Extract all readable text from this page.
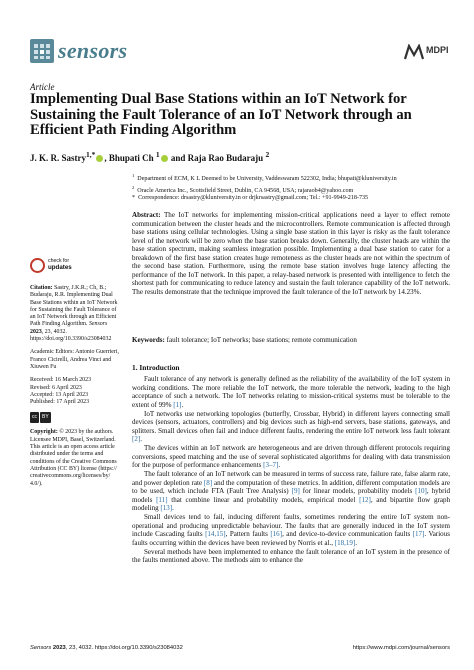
sensors	MDPI
Article
Implementing Dual Base Stations within an IoT Network for Sustaining the Fault Tolerance of an IoT Network through an Efficient Path Finding Algorithm
J. K. R. Sastry$^{1,*}$ , Bhupati Ch $^1$ and Raja Rao Budaraju $^2$
$^1$  Department of ECM, K L Deemed to be University, Vaddeswaram 522302, India; bhupati@kluniversity.in
$^2$  Oracle America Inc., Scottsfield Street, Dublin, CA 94568, USA; rajaraob4@yahoo.com
* Correspondence: drsastry@kluniversity.in or drjkrsastry@gmail.com; Tel.: +91-9949-218-735
Abstract: The IoT networks for implementing mission-critical applications need a layer to effect remote communication between the cluster heads and the microcontrollers. Remote communication is affected through base stations using cellular technologies. Using a single base station in this layer is risky as the fault tolerance level of the network will be zero when the base station breaks down. Generally, the cluster heads are within the base station spectrum, making seamless integration possible. Implementing a dual base station to cater for a breakdown of the first base station creates huge remoteness as the cluster heads are not within the spectrum of the second base station. Furthermore, using the remote base station involves huge latency affecting the performance of the IoT network. In this paper, a relay-based network is presented with intelligence to fetch the shortest path for communicating to reduce latency and sustain the fault tolerance capability of the IoT network. The results demonstrate that the technique improved the fault tolerance of the IoT network by 14.23%.
Keywords: fault tolerance; IoT networks; base stations; remote communication
check for
updates
Citation: Sastry, J.K.R.; Ch, B.; Budaraju, R.R. Implementing Dual Base Stations within an IoT Network for Sustaining the Fault Tolerance of an IoT Network through an Efficient Path Finding Algorithm. Sensors 2023, 23, 4032. https://doi.org/10.3390/s23084032
Academic Editors: Antonio Guerrieri, Franco Cicirelli, Andrea Vinci and Xiuwen Fu
Received: 16 March 2023
Revised: 6 April 2023
Accepted: 13 April 2023
Published: 17 April 2023
cc	BY
Copyright: © 2023 by the authors. Licensee MDPI, Basel, Switzerland. This article is an open access article distributed under the terms and conditions of the Creative Commons Attribution (CC BY) license (https:// creativecommons.org/licenses/by/ 4.0/).
1. Introduction

Fault tolerance of any network is generally defined as the reliability of the availability of the IoT system in working conditions. The more reliable the IoT network, the more tolerable the network, leading to the high acceptance of such a network. The IoT networks relating to mission-critical systems must be tolerable to the extent of 99% [1].

IoT networks use networking topologies (butterfly, Crossbar, Hybrid) in different layers connecting small devices (sensors, actuators, controllers) and big devices such as high-end servers, base stations, gateways, and splitters. Small devices often fail and induce different faults, rendering the entire IoT network less fault tolerant [2].

The devices within an IoT network are heterogeneous and are driven through different protocols requiring conversions, speed matching and the use of several sophisticated algorithms for dealing with data transmission for the purpose of performance enhancements [3–7].

The fault tolerance of an IoT network can be measured in terms of success rate, failure rate, false alarm rate, and power depletion rate [8] and the computation of these metrics. In addition, different computation models are to be used, which include FTA (Fault Tree Analysis) [9] for linear models, probability models [10], hybrid models [11] that combine linear and probability models, empirical model [12], and bipartite flow graph modeling [13].

Small devices tend to fail, inducing different faults, sometimes rendering the entire IoT system non-operational and producing unpredictable behaviour. The faults that are generally induced in the IoT system include Cascading faults [14,15], Pattern faults [16], and device-to-device communication faults [17]. Various faults occurring within the devices have been reviewed by Norris et al., [18,19].

Several methods have been implemented to enhance the fault tolerance of an IoT system in the presence of the faults mentioned above. The methods aim to enhance the

Sensors 2023, 23, 4032. https://doi.org/10.3390/s23084032	https://www.mdpi.com/journal/sensors
